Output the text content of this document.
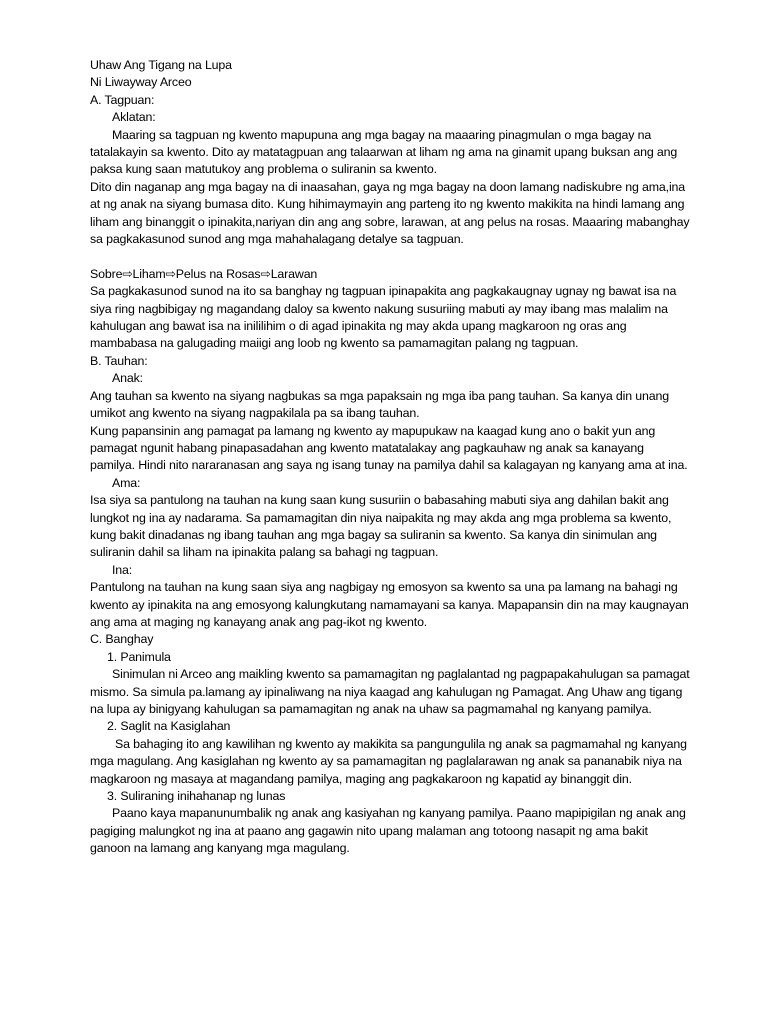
Uhaw Ang Tigang na Lupa

Ni Liwayway Arceo

A. Tagpuan:

Aklatan:

Maaring sa tagpuan ng kwento mapupuna ang mga bagay na maaaring pinagmulan o mga bagay na tatalakayin sa kwento. Dito ay matatagpuan ang talaarwan at liham ng ama na ginamit upang buksan ang ang paksa kung saan matutukoy ang problema o suliranin sa kwento.

Dito din naganap ang mga bagay na di inaasahan, gaya ng mga bagay na doon lamang nadiskubre ng ama,ina at ng anak na siyang bumasa dito. Kung hihimaymayin ang parteng ito ng kwento makikita na hindi lamang ang liham ang binanggit o ipinakita,nariyan din ang ang sobre, larawan, at ang pelus na rosas. Maaaring mabanghay sa pagkakasunod sunod ang mga mahahalagang detalye sa tagpuan.

Sobre⇨Liham⇨Pelus na Rosas⇨Larawan

Sa pagkakasunod sunod na ito sa banghay ng tagpuan ipinapakita ang pagkakaugnay ugnay ng bawat isa na siya ring nagbibigay ng magandang daloy sa kwento nakung susuriing mabuti ay may ibang mas malalim na kahulugan ang bawat isa na inililihim o di agad ipinakita ng may akda upang magkaroon ng oras ang mambabasa na galugading maiigi ang loob ng kwento sa pamamagitan palang ng tagpuan.

B. Tauhan:

Anak:

Ang tauhan sa kwento na siyang nagbukas sa mga papaksain ng mga iba pang tauhan. Sa kanya din unang umikot ang kwento na siyang nagpakilala pa sa ibang tauhan.

Kung papansinin ang pamagat pa lamang ng kwento ay mapupukaw na kaagad kung ano o bakit yun ang pamagat ngunit habang pinapasadahan ang kwento matatalakay ang pagkauhaw ng anak sa kanayang pamilya. Hindi nito nararanasan ang saya ng isang tunay na pamilya dahil sa kalagayan ng kanyang ama at ina.

Ama:

Isa siya sa pantulong na tauhan na kung saan kung susuriin o babasahing mabuti siya ang dahilan bakit ang lungkot ng ina ay nadarama. Sa pamamagitan din niya naipakita ng may akda ang mga problema sa kwento, kung bakit dinadanas ng ibang tauhan ang mga bagay sa suliranin sa kwento. Sa kanya din sinimulan ang suliranin dahil sa liham na ipinakita palang sa bahagi ng tagpuan.

Ina:

Pantulong na tauhan na kung saan siya ang nagbigay ng emosyon sa kwento sa una pa lamang na bahagi ng kwento ay ipinakita na ang emosyong kalungkutang namamayani sa kanya. Mapapansin din na may kaugnayan ang ama at maging ng kanayang anak ang pag-ikot ng kwento.

C. Banghay

1. Panimula

Sinimulan ni Arceo ang maikling kwento sa pamamagitan ng paglalantad ng pagpapakahulugan sa pamagat mismo. Sa simula pa.lamang ay ipinaliwang na niya kaagad ang kahulugan ng Pamagat. Ang Uhaw ang tigang na lupa ay binigyang kahulugan sa pamamagitan ng anak na uhaw sa pagmamahal ng kanyang pamilya.

2. Saglit na Kasiglahan

Sa bahaging ito ang kawilihan ng kwento ay makikita sa pangungulila ng anak sa pagmamahal ng kanyang mga magulang. Ang kasiglahan ng kwento ay sa pamamagitan ng paglalarawan ng anak sa pananabik niya na magkaroon ng masaya at magandang pamilya, maging ang pagkakaroon ng kapatid ay binanggit din.

3. Suliraning inihahanap ng lunas

Paano kaya mapanunumbalik ng anak ang kasiyahan ng kanyang pamilya. Paano mapipigilan ng anak ang pagiging malungkot ng ina at paano ang gagawin nito upang malaman ang totoong nasapit ng ama bakit ganoon na lamang ang kanyang mga magulang.
